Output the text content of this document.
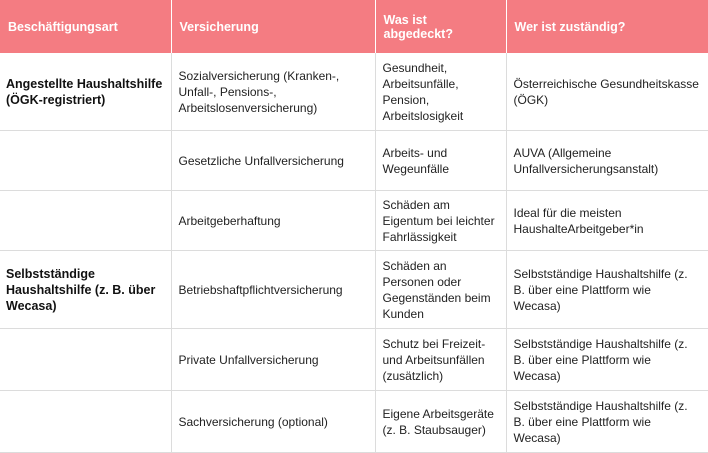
Beschäftigungsart	Versicherung	Was ist abgedeckt?	Wer ist zuständig?
Angestellte Haushaltshilfe (ÖGK-registriert)	Sozialversicherung (Kranken-, Unfall-, Pensions-, Arbeitslosenversicherung)	Gesundheit, Arbeitsunfälle, Pension, Arbeitslosigkeit	Österreichische Gesundheitskasse (ÖGK)
	Gesetzliche Unfallversicherung	Arbeits- und Wegeunfälle	AUVA (Allgemeine Unfallversicherungsanstalt)
	Arbeitgeberhaftung	Schäden am Eigentum bei leichter Fahrlässigkeit	Ideal für die meisten HaushalteArbeitgeber*in
Selbstständige Haushaltshilfe (z. B. über Wecasa)	Betriebshaftpflichtversicherung	Schäden an Personen oder Gegenständen beim Kunden	Selbstständige Haushaltshilfe (z. B. über eine Plattform wie Wecasa)
	Private Unfallversicherung	Schutz bei Freizeit- und Arbeitsunfällen (zusätzlich)	Selbstständige Haushaltshilfe (z. B. über eine Plattform wie Wecasa)
	Sachversicherung (optional)	Eigene Arbeitsgeräte (z. B. Staubsauger)	Selbstständige Haushaltshilfe (z. B. über eine Plattform wie Wecasa)
